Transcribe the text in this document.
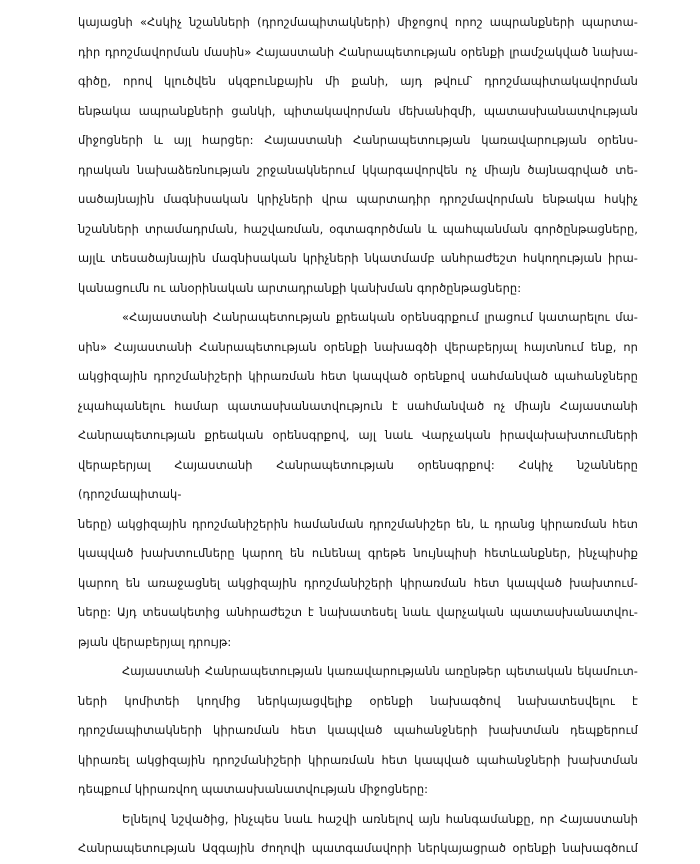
կայացնի «Հսկիչ նշանների (դրոշմապիտակների) միջոցով որոշ ապրանքների պարտա-
դիր դրոշմավորման մասին» Հայաստանի Հանրապետության օրենքի լրամշակված նախա-
գիծը, որով կլուծվեն սկզբունքային մի քանի, այդ թվում՝ դրոշմապիտակավորման
ենթակա ապրանքների ցանկի, պիտակավորման մեխանիզմի, պատասխանատվության
միջոցների և այլ հարցեր: Հայաստանի Հանրապետության կառավարության օրենս-
դրական նախաձեռնության շրջանակներում կկարգավորվեն ոչ միայն ծայնագրված տե-
սածայնային մագնիսական կրիչների վրա պարտադիր դրոշմավորման ենթակա հսկիչ
նշանների տրամադրման, հաշվառման, օգտագործման և պահպանման գործընթացները,
այլև տեսածայնային մագնիսական կրիչների նկատմամբ անհրաժեշտ հսկողության իրա-
կանացումն ու անօրինական արտադրանքի կանխման գործընթացները:

«Հայաստանի Հանրապետության քրեական օրենսգրքում լրացում կատարելու մա-
սին» Հայաստանի Հանրապետության օրենքի նախագծի վերաբերյալ հայտնում ենք, որ
ակցիզային դրոշմանիշերի կիրառման հետ կապված օրենքով սահմանված պահանջները
չպահպանելու համար պատասխանատվություն է սահմանված ոչ միայն Հայաստանի
Հանրապետության քրեական օրենսգրքով, այլ նաև Վարչական իրավախախտումների
վերաբերյալ Հայաստանի Հանրապետության օրենսգրքով: Հսկիչ նշանները (դրոշմապիտակ-
ները) ակցիզային դրոշմանիշերին համանման դրոշմանիշեր են, և դրանց կիրառման հետ
կապված խախտումները կարող են ունենալ գրեթե նույնպիսի հետևանքներ, ինչպիսիք
կարող են առաջացնել ակցիզային դրոշմանիշերի կիրառման հետ կապված խախտում-
ները: Այդ տեսակետից անհրաժեշտ է նախատեսել նաև վարչական պատասխանատվու-
թյան վերաբերյալ դրույթ:

Հայաստանի Հանրապետության կառավարությանն առընթեր պետական եկամուտ-
ների կոմիտեի կողմից ներկայացվելիք օրենքի նախագծով նախատեսվելու է
դրոշմապիտակների կիրառման հետ կապված պահանջների խախտման դեպքերում
կիրառել ակցիզային դրոշմանիշերի կիրառման հետ կապված պահանջների խախտման
դեպքում կիրառվող պատասխանատվության միջոցները:

Ելնելով նշվածից, ինչպես նաև հաշվի առնելով այն հանգամանքը, որ Հայաստանի
Հանրապետության Ազգային ժողովի պատգամավորի ներկայացրած օրենքի նախագծում
